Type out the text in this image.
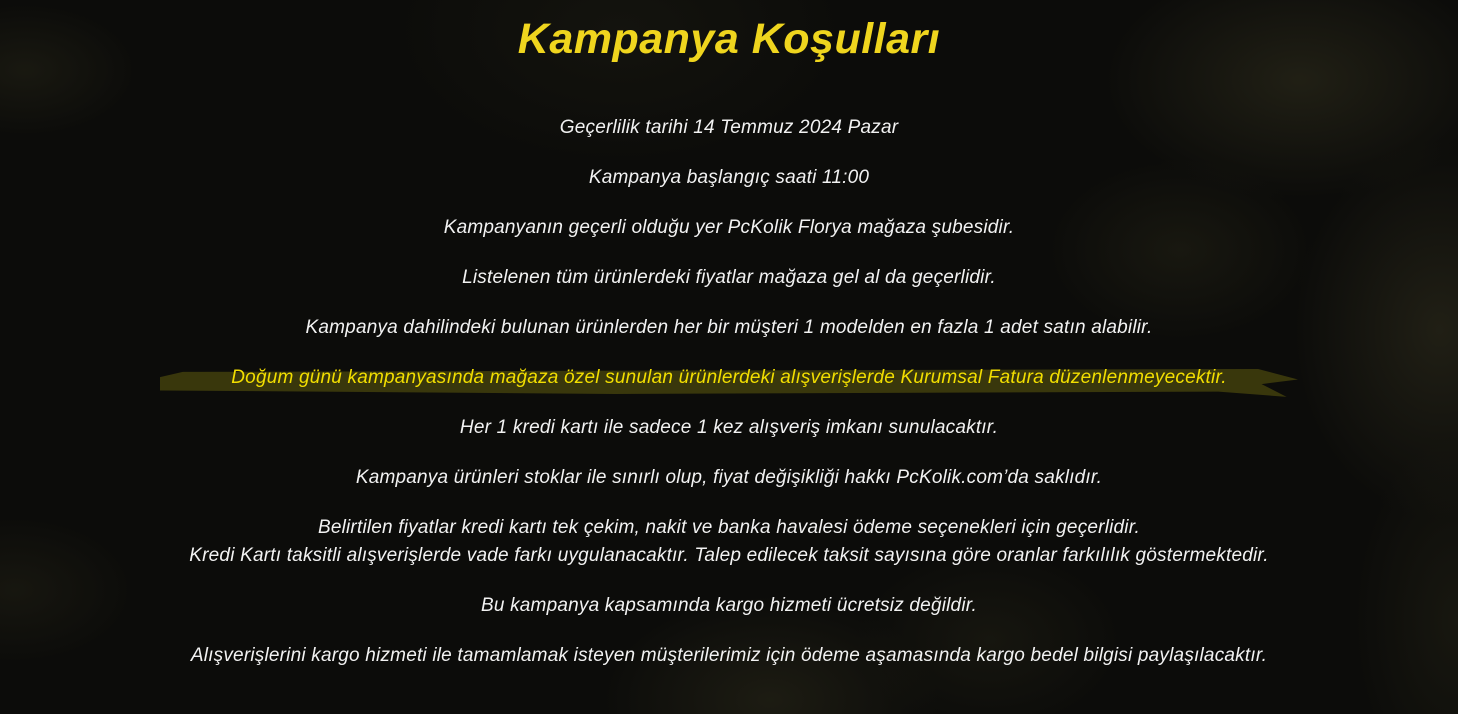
Kampanya Koşulları

Geçerlilik tarihi 14 Temmuz 2024 Pazar

Kampanya başlangıç saati 11:00

Kampanyanın geçerli olduğu yer PcKolik Florya mağaza şubesidir.

Listelenen tüm ürünlerdeki fiyatlar mağaza gel al da geçerlidir.

Kampanya dahilindeki bulunan ürünlerden her bir müşteri 1 modelden en fazla 1 adet satın alabilir.

Doğum günü kampanyasında mağaza özel sunulan ürünlerdeki alışverişlerde Kurumsal Fatura düzenlenmeyecektir.

Her 1 kredi kartı ile sadece 1 kez alışveriş imkanı sunulacaktır.

Kampanya ürünleri stoklar ile sınırlı olup, fiyat değişikliği hakkı PcKolik.com’da saklıdır.

Belirtilen fiyatlar kredi kartı tek çekim, nakit ve banka havalesi ödeme seçenekleri için geçerlidir.

Kredi Kartı taksitli alışverişlerde vade farkı uygulanacaktır. Talep edilecek taksit sayısına göre oranlar farkılılık göstermektedir.

Bu kampanya kapsamında kargo hizmeti ücretsiz değildir.

Alışverişlerini kargo hizmeti ile tamamlamak isteyen müşterilerimiz için ödeme aşamasında kargo bedel bilgisi paylaşılacaktır.
